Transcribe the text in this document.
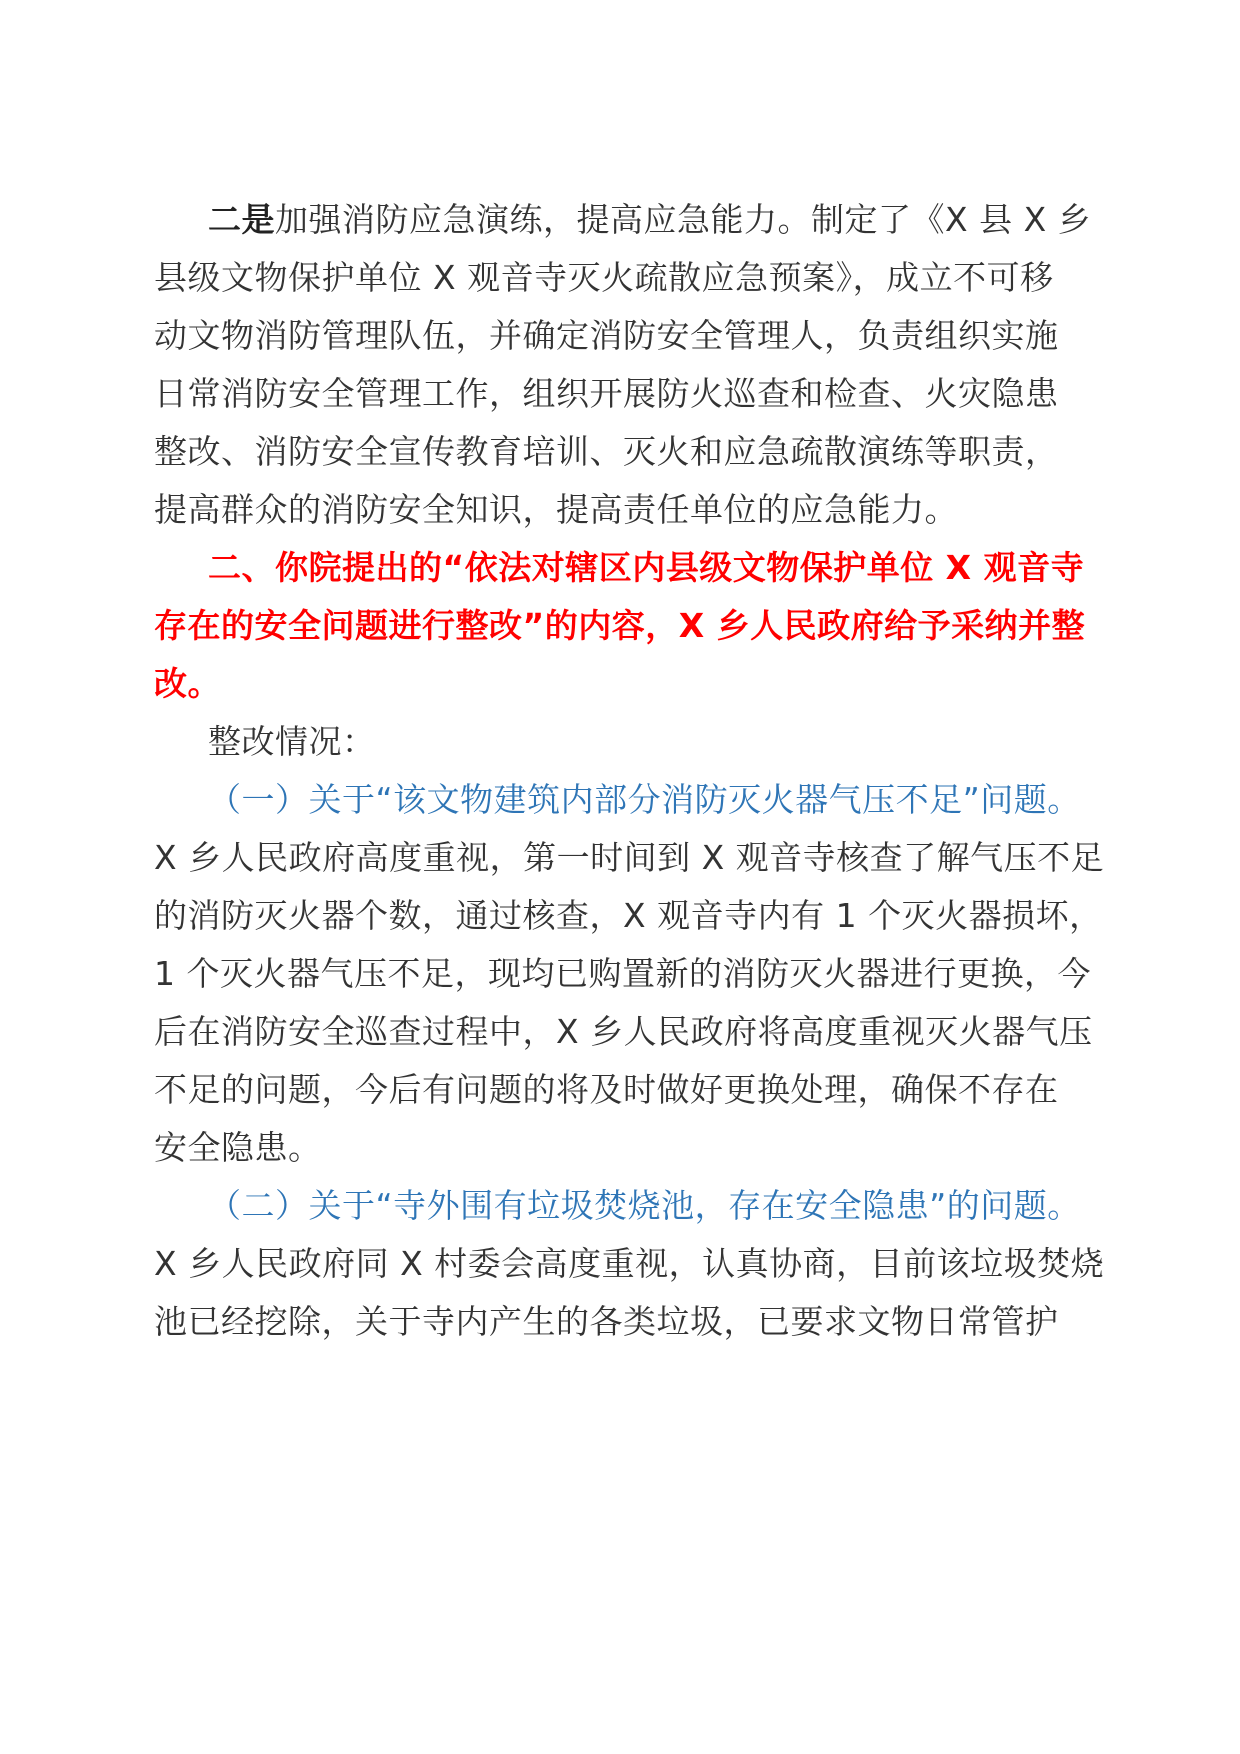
二是加强消防应急演练，提高应急能力。制定了《X 县 X 乡
县级文物保护单位 X 观音寺灭火疏散应急预案》，成立不可移
动文物消防管理队伍，并确定消防安全管理人，负责组织实施
日常消防安全管理工作，组织开展防火巡查和检查、火灾隐患
整改、消防安全宣传教育培训、灭火和应急疏散演练等职责，
提高群众的消防安全知识，提高责任单位的应急能力。
二、你院提出的“依法对辖区内县级文物保护单位 X 观音寺
存在的安全问题进行整改”的内容，X 乡人民政府给予采纳并整
改。
整改情况：
（一）关于“该文物建筑内部分消防灭火器气压不足”问题。
X 乡人民政府高度重视，第一时间到 X 观音寺核查了解气压不足
的消防灭火器个数，通过核查，X 观音寺内有 1 个灭火器损坏，
1 个灭火器气压不足，现均已购置新的消防灭火器进行更换，今
后在消防安全巡查过程中，X 乡人民政府将高度重视灭火器气压
不足的问题，今后有问题的将及时做好更换处理，确保不存在
安全隐患。
（二）关于“寺外围有垃圾焚烧池，存在安全隐患”的问题。
X 乡人民政府同 X 村委会高度重视，认真协商，目前该垃圾焚烧
池已经挖除，关于寺内产生的各类垃圾，已要求文物日常管护
